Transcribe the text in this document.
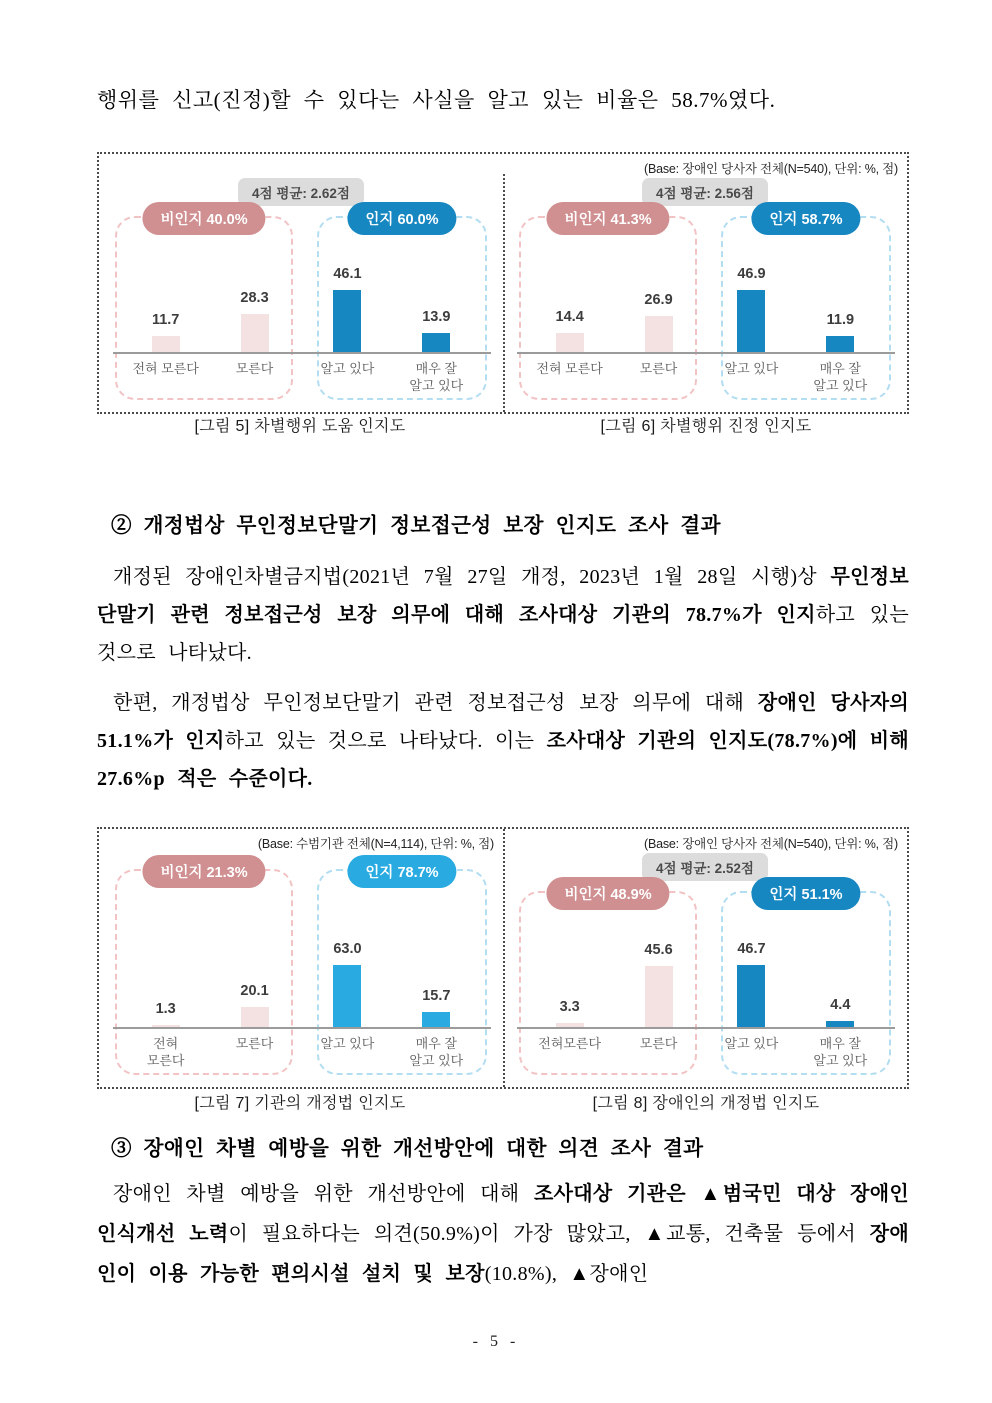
행위를 신고(진정)할 수 있다는 사실을 알고 있는 비율은 58.7%였다.

4점 평균: 2.62점
비인지 40.0%	인지 60.0%
11.7
전혀 모른다
28.3
모른다
46.1
알고 있다
13.9
매우 잘
알고 있다
(Base: 장애인 당사자 전체(N=540), 단위: %, 점)
4점 평균: 2.56점
비인지 41.3%	인지 58.7%
14.4
전혀 모른다
26.9
모른다
46.9
알고 있다
11.9
매우 잘
알고 있다
[그림 5] 차별행위 도움 인지도	[그림 6] 차별행위 진정 인지도
② 개정법상 무인정보단말기 정보접근성 보장 인지도 조사 결과

개정된 장애인차별금지법(2021년 7월 27일 개정, 2023년 1월 28일 시행)상 무인정보단말기 관련 정보접근성 보장 의무에 대해 조사대상 기관의 78.7%가 인지하고 있는 것으로 나타났다.

한편, 개정법상 무인정보단말기 관련 정보접근성 보장 의무에 대해 장애인 당사자의 51.1%가 인지하고 있는 것으로 나타났다. 이는 조사대상 기관의 인지도(78.7%)에 비해 27.6%p 적은 수준이다.

(Base: 수범기관 전체(N=4,114), 단위: %, 점)
비인지 21.3%	인지 78.7%
1.3
전혀
모른다
20.1
모른다
63.0
알고 있다
15.7
매우 잘
알고 있다
(Base: 장애인 당사자 전체(N=540), 단위: %, 점)
4점 평균: 2.52점
비인지 48.9%	인지 51.1%
3.3
전혀모른다
45.6
모른다
46.7
알고 있다
4.4
매우 잘
알고 있다
[그림 7] 기관의 개정법 인지도	[그림 8] 장애인의 개정법 인지도
③ 장애인 차별 예방을 위한 개선방안에 대한 의견 조사 결과

장애인 차별 예방을 위한 개선방안에 대해 조사대상 기관은 ▲범국민 대상 장애인 인식개선 노력이 필요하다는 의견(50.9%)이 가장 많았고, ▲교통, 건축물 등에서 장애인이 이용 가능한 편의시설 설치 및 보장(10.8%), ▲장애인

- 5 -
